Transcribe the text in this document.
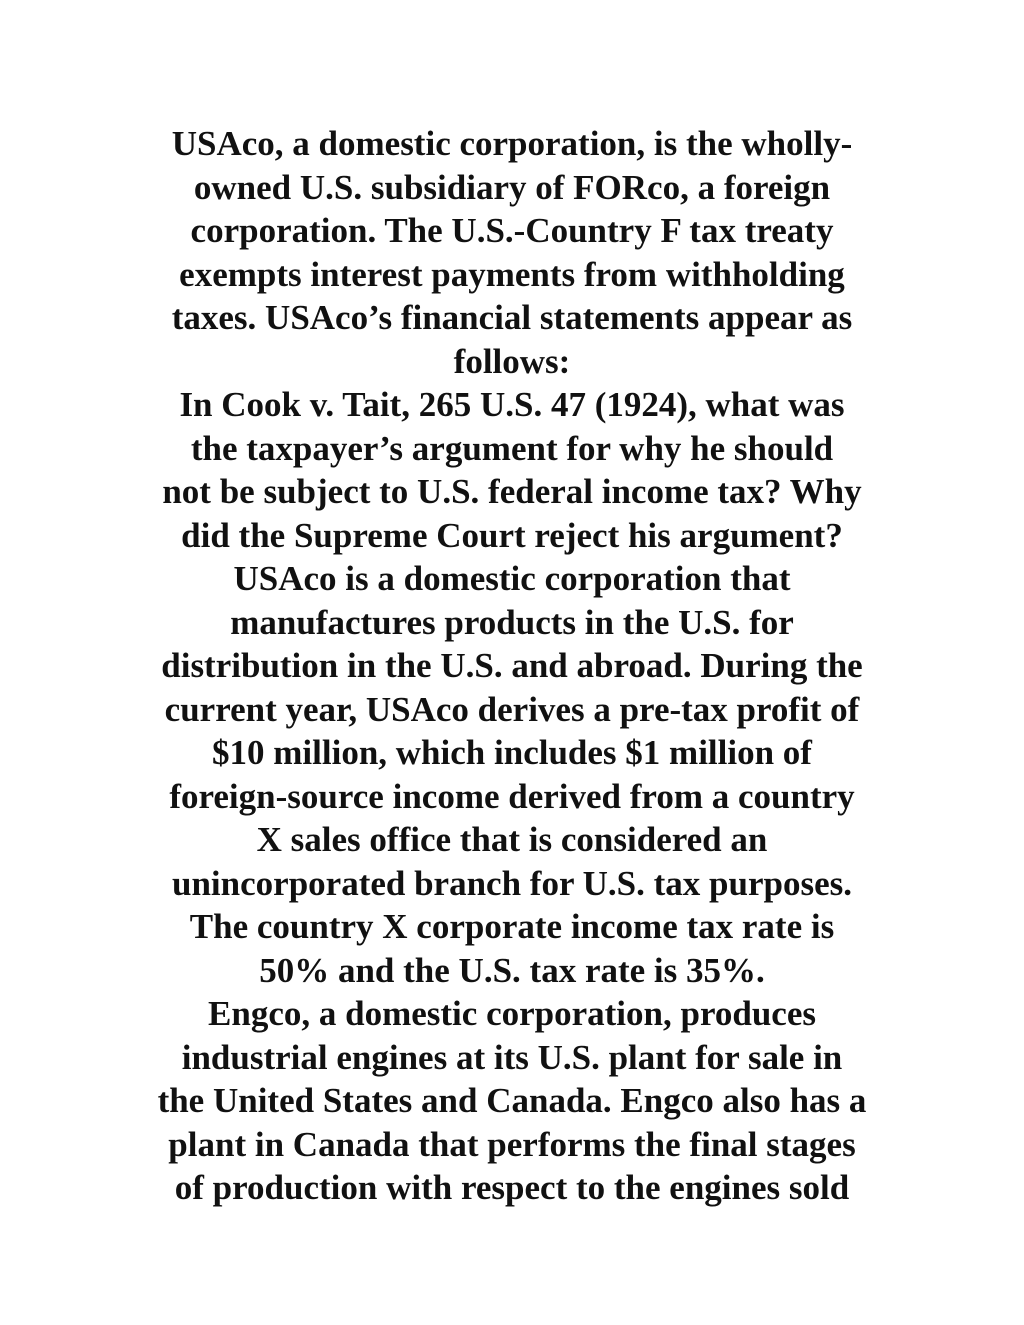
USAco, a domestic corporation, is the wholly-
owned U.S. subsidiary of FORco, a foreign
corporation. The U.S.-Country F tax treaty
exempts interest payments from withholding
taxes. USAco’s financial statements appear as
follows:
In Cook v. Tait, 265 U.S. 47 (1924), what was
the taxpayer’s argument for why he should
not be subject to U.S. federal income tax? Why
did the Supreme Court reject his argument?
USAco is a domestic corporation that
manufactures products in the U.S. for
distribution in the U.S. and abroad. During the
current year, USAco derives a pre-tax profit of
$10 million, which includes $1 million of
foreign-source income derived from a country
X sales office that is considered an
unincorporated branch for U.S. tax purposes.
The country X corporate income tax rate is
50% and the U.S. tax rate is 35%.
Engco, a domestic corporation, produces
industrial engines at its U.S. plant for sale in
the United States and Canada. Engco also has a
plant in Canada that performs the final stages
of production with respect to the engines sold
